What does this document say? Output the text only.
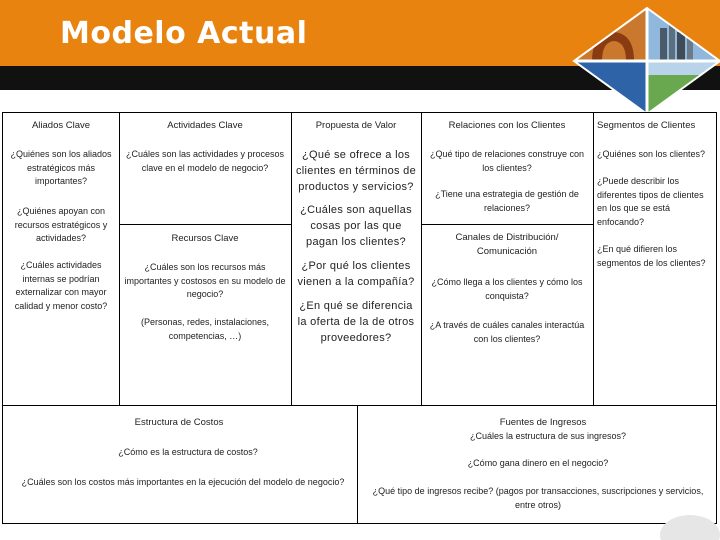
Modelo Actual
Aliados Clave
¿Quiénes son los aliados estratégicos más importantes?
¿Quiénes apoyan con recursos estratégicos y actividades?
¿Cuáles actividades internas se podrían externalizar con mayor calidad y menor costo?
Actividades Clave
¿Cuáles son las actividades y procesos clave en el modelo de negocio?
Recursos Clave
¿Cuáles son los recursos más importantes y costosos en su modelo de negocio?
(Personas, redes, instalaciones, competencias, …)
Propuesta de Valor
¿Qué se ofrece a los clientes en términos de productos y servicios?
¿Cuáles son aquellas cosas por las que pagan los clientes?
¿Por qué los clientes vienen a la compañía?
¿En qué se diferencia la oferta de la de otros proveedores?
Relaciones con los Clientes
¿Qué tipo de relaciones construye con los clientes?
¿Tiene una estrategia de gestión de relaciones?
Canales de Distribución/ Comunicación
¿Cómo llega a los clientes y cómo los conquista?
¿A través de cuáles canales interactúa con los clientes?
Segmentos de Clientes
¿Quiénes son los clientes?
¿Puede describir los diferentes tipos de clientes en los que se está enfocando?
¿En qué difieren los segmentos de los clientes?
Estructura de Costos
¿Cómo es la estructura de costos?
¿Cuáles son los costos más importantes en la ejecución del modelo de negocio?
Fuentes de Ingresos
¿Cuáles la estructura de sus ingresos?
¿Cómo gana dinero en el negocio?
¿Qué tipo de ingresos recibe? (pagos por transacciones, suscripciones y servicios, entre otros)
